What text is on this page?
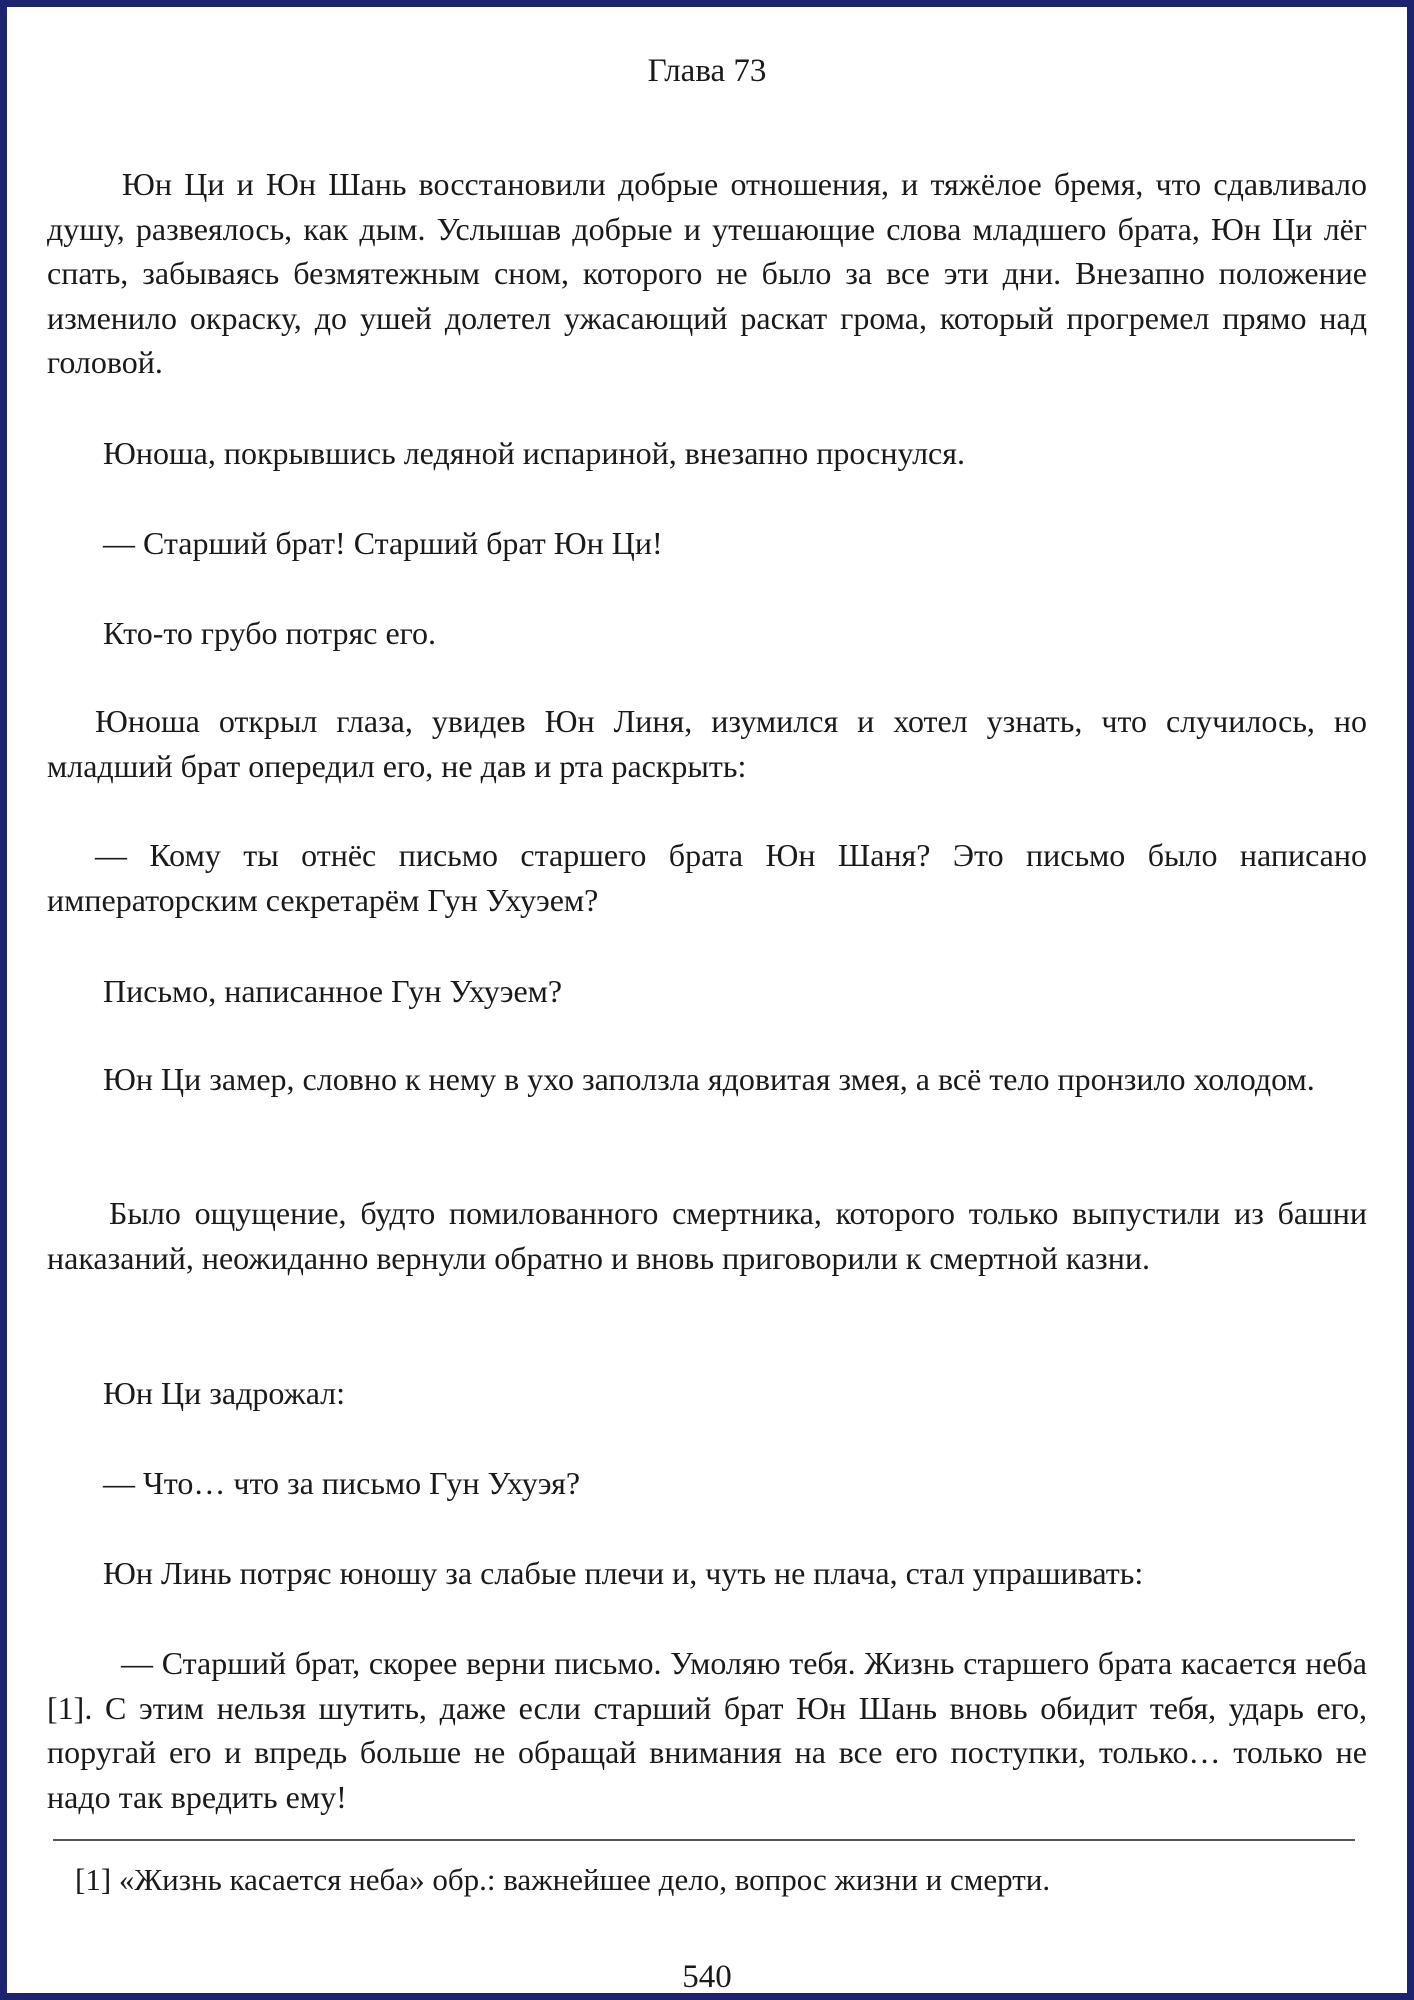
Глава 73

Юн Ци и Юн Шань восстановили добрые отношения, и тяжёлое бремя, что сдавливало душу, развеялось, как дым. Услышав добрые и утешающие слова младшего брата, Юн Ци лёг спать, забываясь безмятежным сном, которого не было за все эти дни. Внезапно положение изменило окраску, до ушей долетел ужасающий раскат грома, который прогремел прямо над головой.

Юноша, покрывшись ледяной испариной, внезапно проснулся.

— Старший брат! Старший брат Юн Ци!

Кто-то грубо потряс его.

Юноша открыл глаза, увидев Юн Линя, изумился и хотел узнать, что случилось, но младший брат опередил его, не дав и рта раскрыть:

— Кому ты отнёс письмо старшего брата Юн Шаня? Это письмо было написано императорским секретарём Гун Ухуэем?

Письмо, написанное Гун Ухуэем?

Юн Ци замер, словно к нему в ухо заползла ядовитая змея, а всё тело пронзило холодом.

Было ощущение, будто помилованного смертника, которого только выпустили из башни наказаний, неожиданно вернули обратно и вновь приговорили к смертной казни.

Юн Ци задрожал:

— Что… что за письмо Гун Ухуэя?

Юн Линь потряс юношу за слабые плечи и, чуть не плача, стал упрашивать:

— Старший брат, скорее верни письмо. Умоляю тебя. Жизнь старшего брата касается неба [1]. С этим нельзя шутить, даже если старший брат Юн Шань вновь обидит тебя, ударь его, поругай его и впредь больше не обращай внимания на все его поступки, только… только не надо так вредить ему!

[1] «Жизнь касается неба» обр.: важнейшее дело, вопрос жизни и смерти.

540
